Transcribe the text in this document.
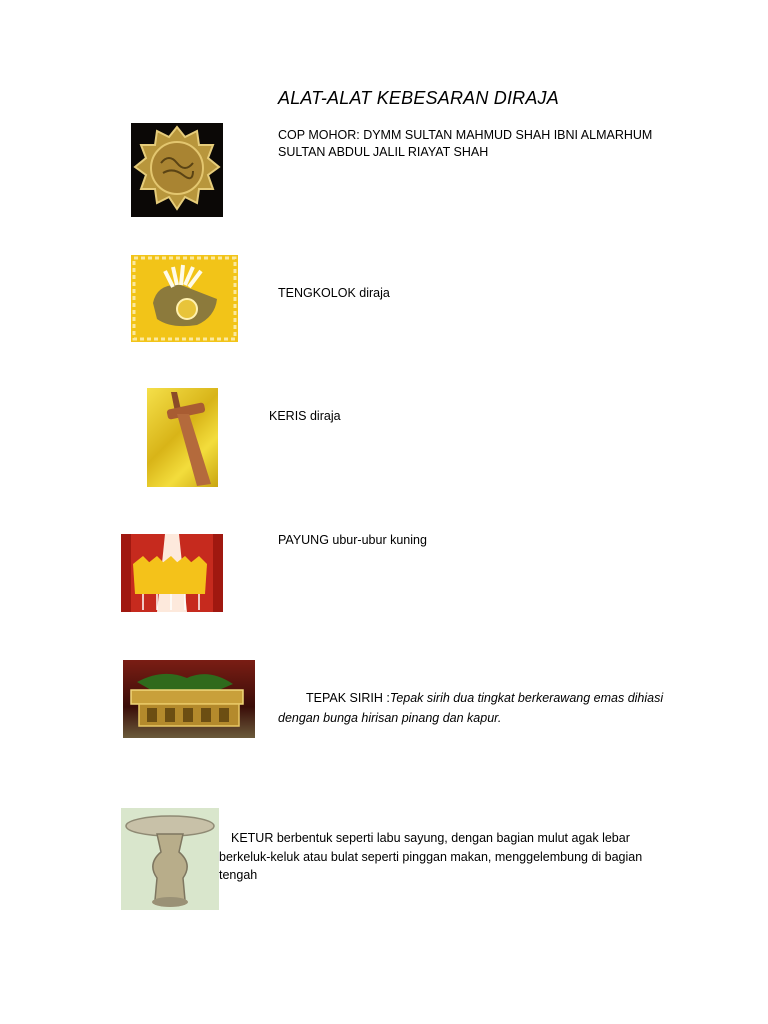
ALAT-ALAT KEBESARAN DIRAJA
COP MOHOR: DYMM SULTAN MAHMUD SHAH IBNI ALMARHUM SULTAN ABDUL JALIL RIAYAT SHAH
TENGKOLOK diraja
KERIS diraja
PAYUNG ubur-ubur kuning
TEPAK SIRIH :Tepak sirih dua tingkat berkerawang emas dihiasi dengan bunga hirisan pinang dan kapur.
KETUR berbentuk seperti labu sayung, dengan bagian mulut agak lebar berkeluk-keluk atau bulat seperti pinggan makan, menggelembung di bagian tengah
